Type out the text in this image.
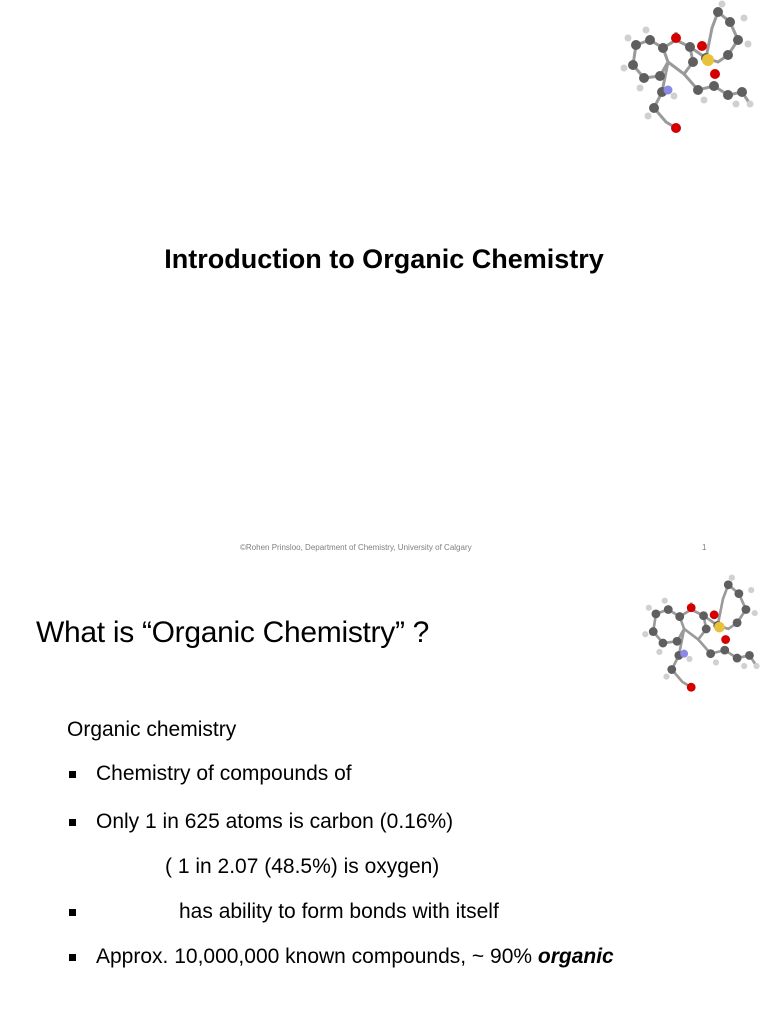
Introduction to Organic Chemistry
©Rohen Prinsloo, Department of Chemistry, University of Calgary	1
What is “Organic Chemistry” ?
Organic chemistry
Chemistry of compounds of
Only 1 in 625 atoms is carbon (0.16%)
( 1 in 2.07 (48.5%) is oxygen)
has ability to form bonds with itself
Approx. 10,000,000 known compounds, ~ 90% organic
